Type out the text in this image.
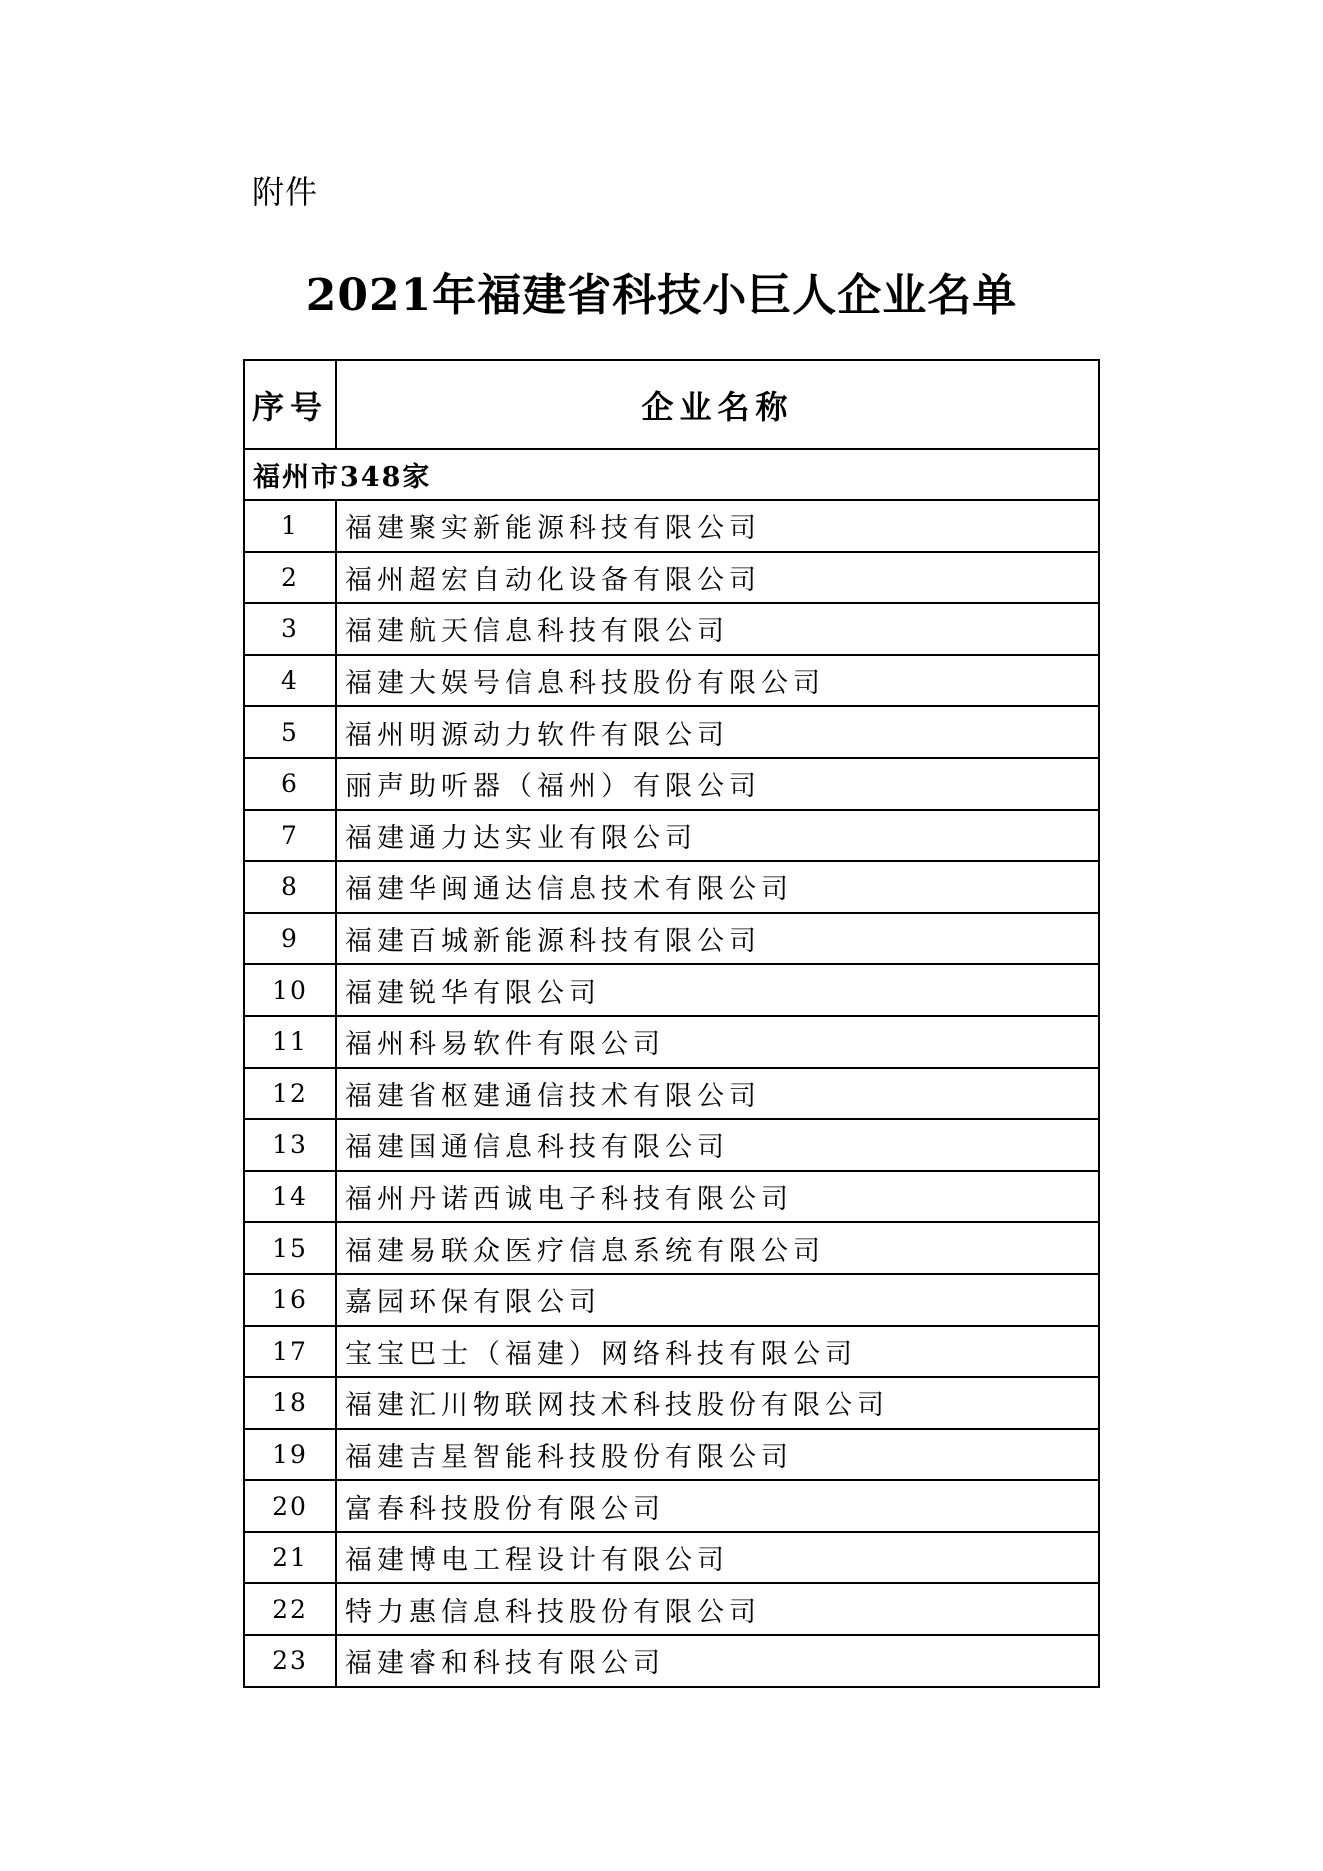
附件
2021年福建省科技小巨人企业名单
序号	企业名称
福州市348家	
1	福建聚实新能源科技有限公司
2	福州超宏自动化设备有限公司
3	福建航天信息科技有限公司
4	福建大娱号信息科技股份有限公司
5	福州明源动力软件有限公司
6	丽声助听器（福州）有限公司
7	福建通力达实业有限公司
8	福建华闽通达信息技术有限公司
9	福建百城新能源科技有限公司
10	福建锐华有限公司
11	福州科易软件有限公司
12	福建省枢建通信技术有限公司
13	福建国通信息科技有限公司
14	福州丹诺西诚电子科技有限公司
15	福建易联众医疗信息系统有限公司
16	嘉园环保有限公司
17	宝宝巴士（福建）网络科技有限公司
18	福建汇川物联网技术科技股份有限公司
19	福建吉星智能科技股份有限公司
20	富春科技股份有限公司
21	福建博电工程设计有限公司
22	特力惠信息科技股份有限公司
23	福建睿和科技有限公司
